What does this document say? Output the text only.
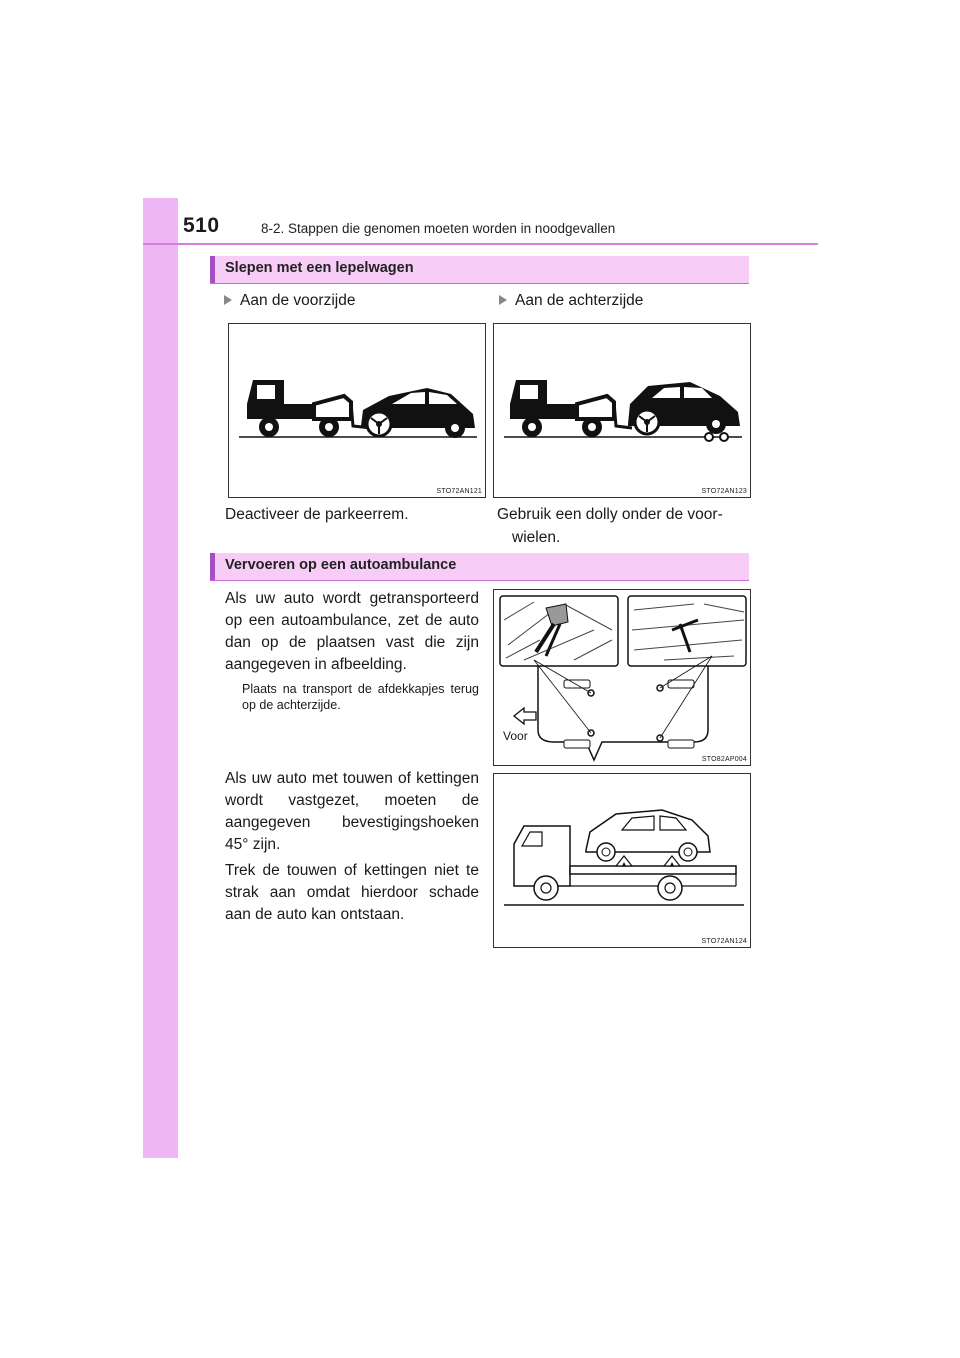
510	8-2. Stappen die genomen moeten worden in noodgevallen
Slepen met een lepelwagen
Aan de voorzijde	Aan de achterzijde
STO72AN121	STO72AN123
Deactiveer de parkeerrem.	Gebruik een dolly onder de voor-
wielen.
Vervoeren op een autoambulance
Als uw auto wordt getransporteerd op een autoambulance, zet de auto dan op de plaatsen vast die zijn aangegeven in afbeelding.
Plaats na transport de afdekkapjes terug op de achterzijde.
Voor
STO82AP004
Als uw auto met touwen of kettingen wordt vastgezet, moeten de aangegeven bevestigingshoeken 45° zijn.
Trek de touwen of kettingen niet te strak aan omdat hierdoor schade aan de auto kan ontstaan.
STO72AN124
